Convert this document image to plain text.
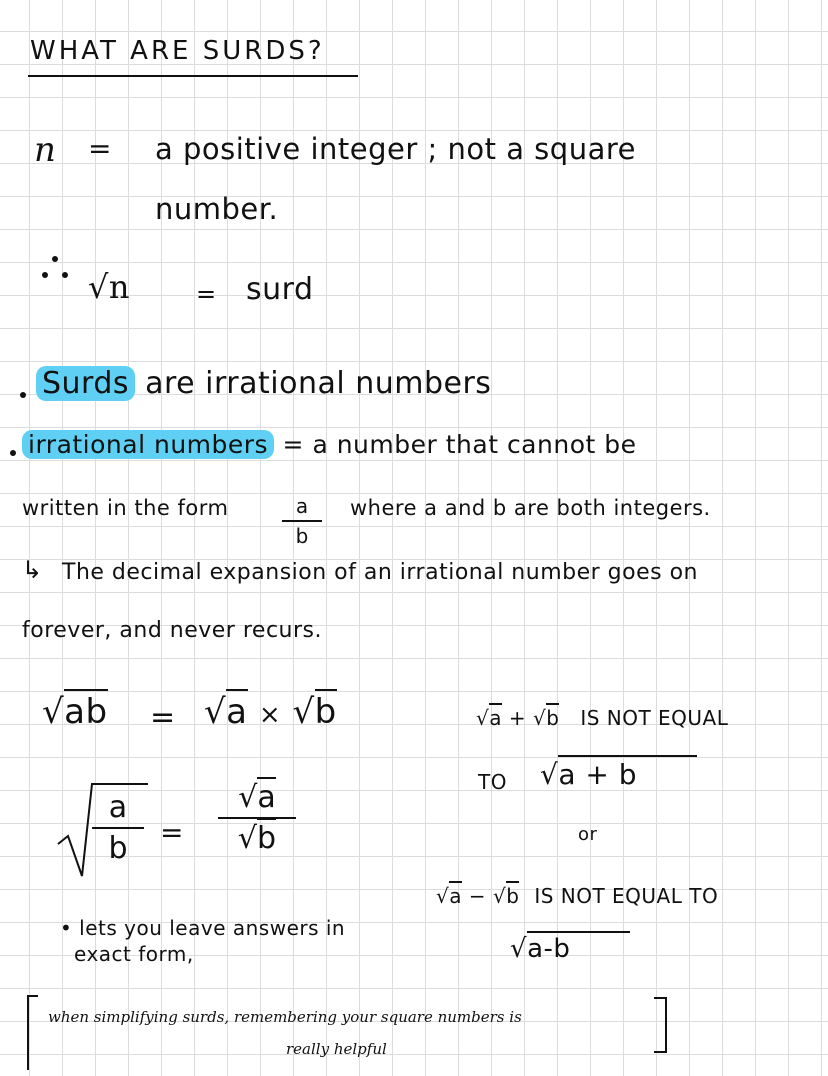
WHAT ARE SURDS?
n = a positive integer ; not a square
number.
√n	= surd
Surds are irrational numbers
irrational numbers = a number that cannot be
written in the form	a
b
where a and b are both integers.
↳ The decimal expansion of an irrational number goes on
forever, and never recurs.
√ab = √a × √b
a
b	=
√a
√b
• lets you leave answers in
exact form,
√a + √b IS NOT EQUAL
TO √a + b
or
√a − √b IS NOT EQUAL TO
√a-b
when simplifying surds, remembering your square numbers is
really helpful
